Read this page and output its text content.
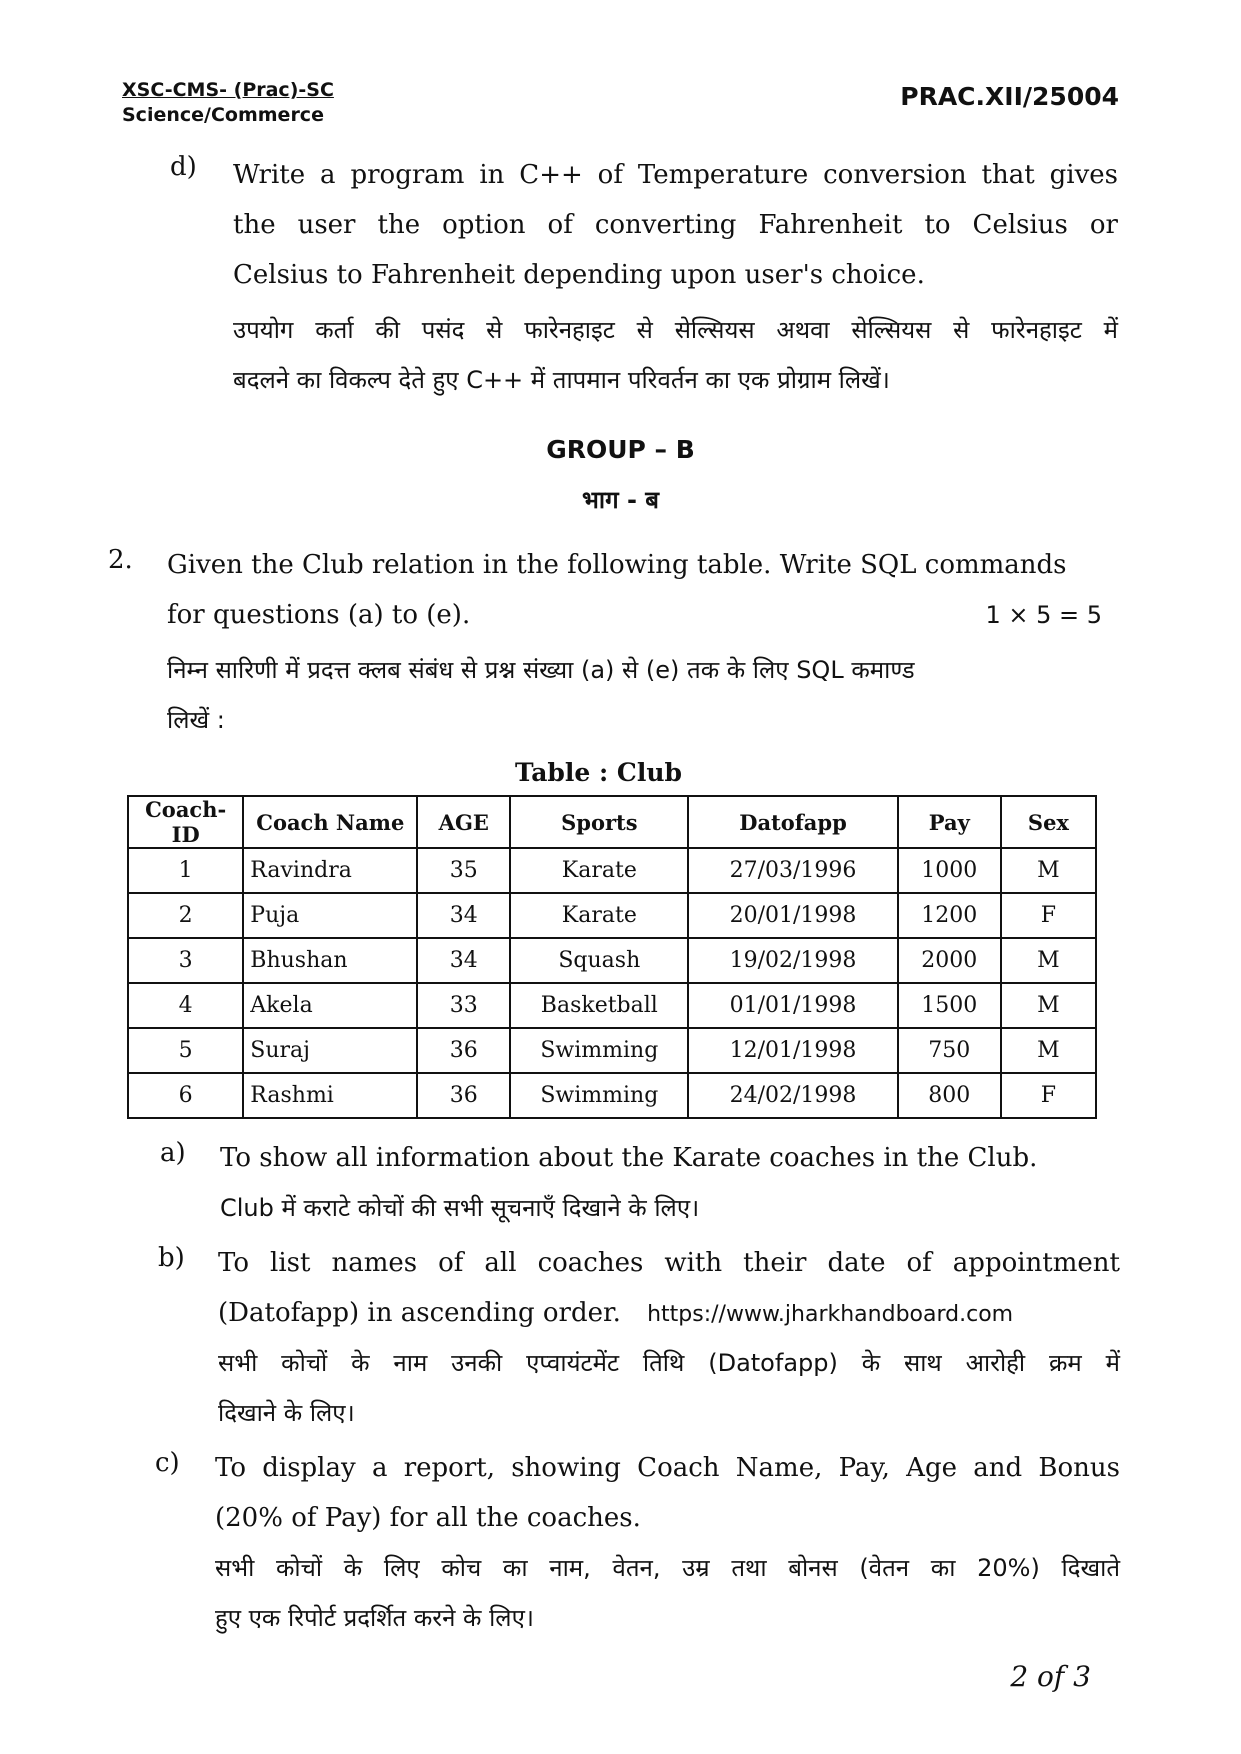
XSC-CMS- (Prac)-SC
Science/Commerce
PRAC.XII/25004
d) Write a program in C++ of Temperature conversion that gives
the user the option of converting Fahrenheit to Celsius or
Celsius to Fahrenheit depending upon user's choice.
उपयोग कर्ता की पसंद से फारेनहाइट से सेल्सियस अथवा सेल्सियस से फारेनहाइट में
बदलने का विकल्प देते हुए C++ में तापमान परिवर्तन का एक प्रोग्राम लिखें।
GROUP – B
भाग - ब
2. Given the Club relation in the following table. Write SQL commands
for questions (a) to (e).	1 × 5 = 5
निम्न सारिणी में प्रदत्त क्लब संबंध से प्रश्न संख्या (a) से (e) तक के लिए SQL कमाण्ड
लिखें :
Table : Club
Coach-ID	Coach Name	AGE	Sports	Datofapp	Pay	Sex
1	Ravindra	35	Karate	27/03/1996	1000	M
2	Puja	34	Karate	20/01/1998	1200	F
3	Bhushan	34	Squash	19/02/1998	2000	M
4	Akela	33	Basketball	01/01/1998	1500	M
5	Suraj	36	Swimming	12/01/1998	750	M
6	Rashmi	36	Swimming	24/02/1998	800	F
a) To show all information about the Karate coaches in the Club.
Club में कराटे कोचों की सभी सूचनाएँ दिखाने के लिए।
b) To list names of all coaches with their date of appointment
(Datofapp) in ascending order. https://www.jharkhandboard.com
सभी कोचों के नाम उनकी एप्वायंटमेंट तिथि (Datofapp) के साथ आरोही क्रम में
दिखाने के लिए।
c) To display a report, showing Coach Name, Pay, Age and Bonus
(20% of Pay) for all the coaches.
सभी कोचों के लिए कोच का नाम, वेतन, उम्र तथा बोनस (वेतन का 20%) दिखाते
हुए एक रिपोर्ट प्रदर्शित करने के लिए।
2 of 3
